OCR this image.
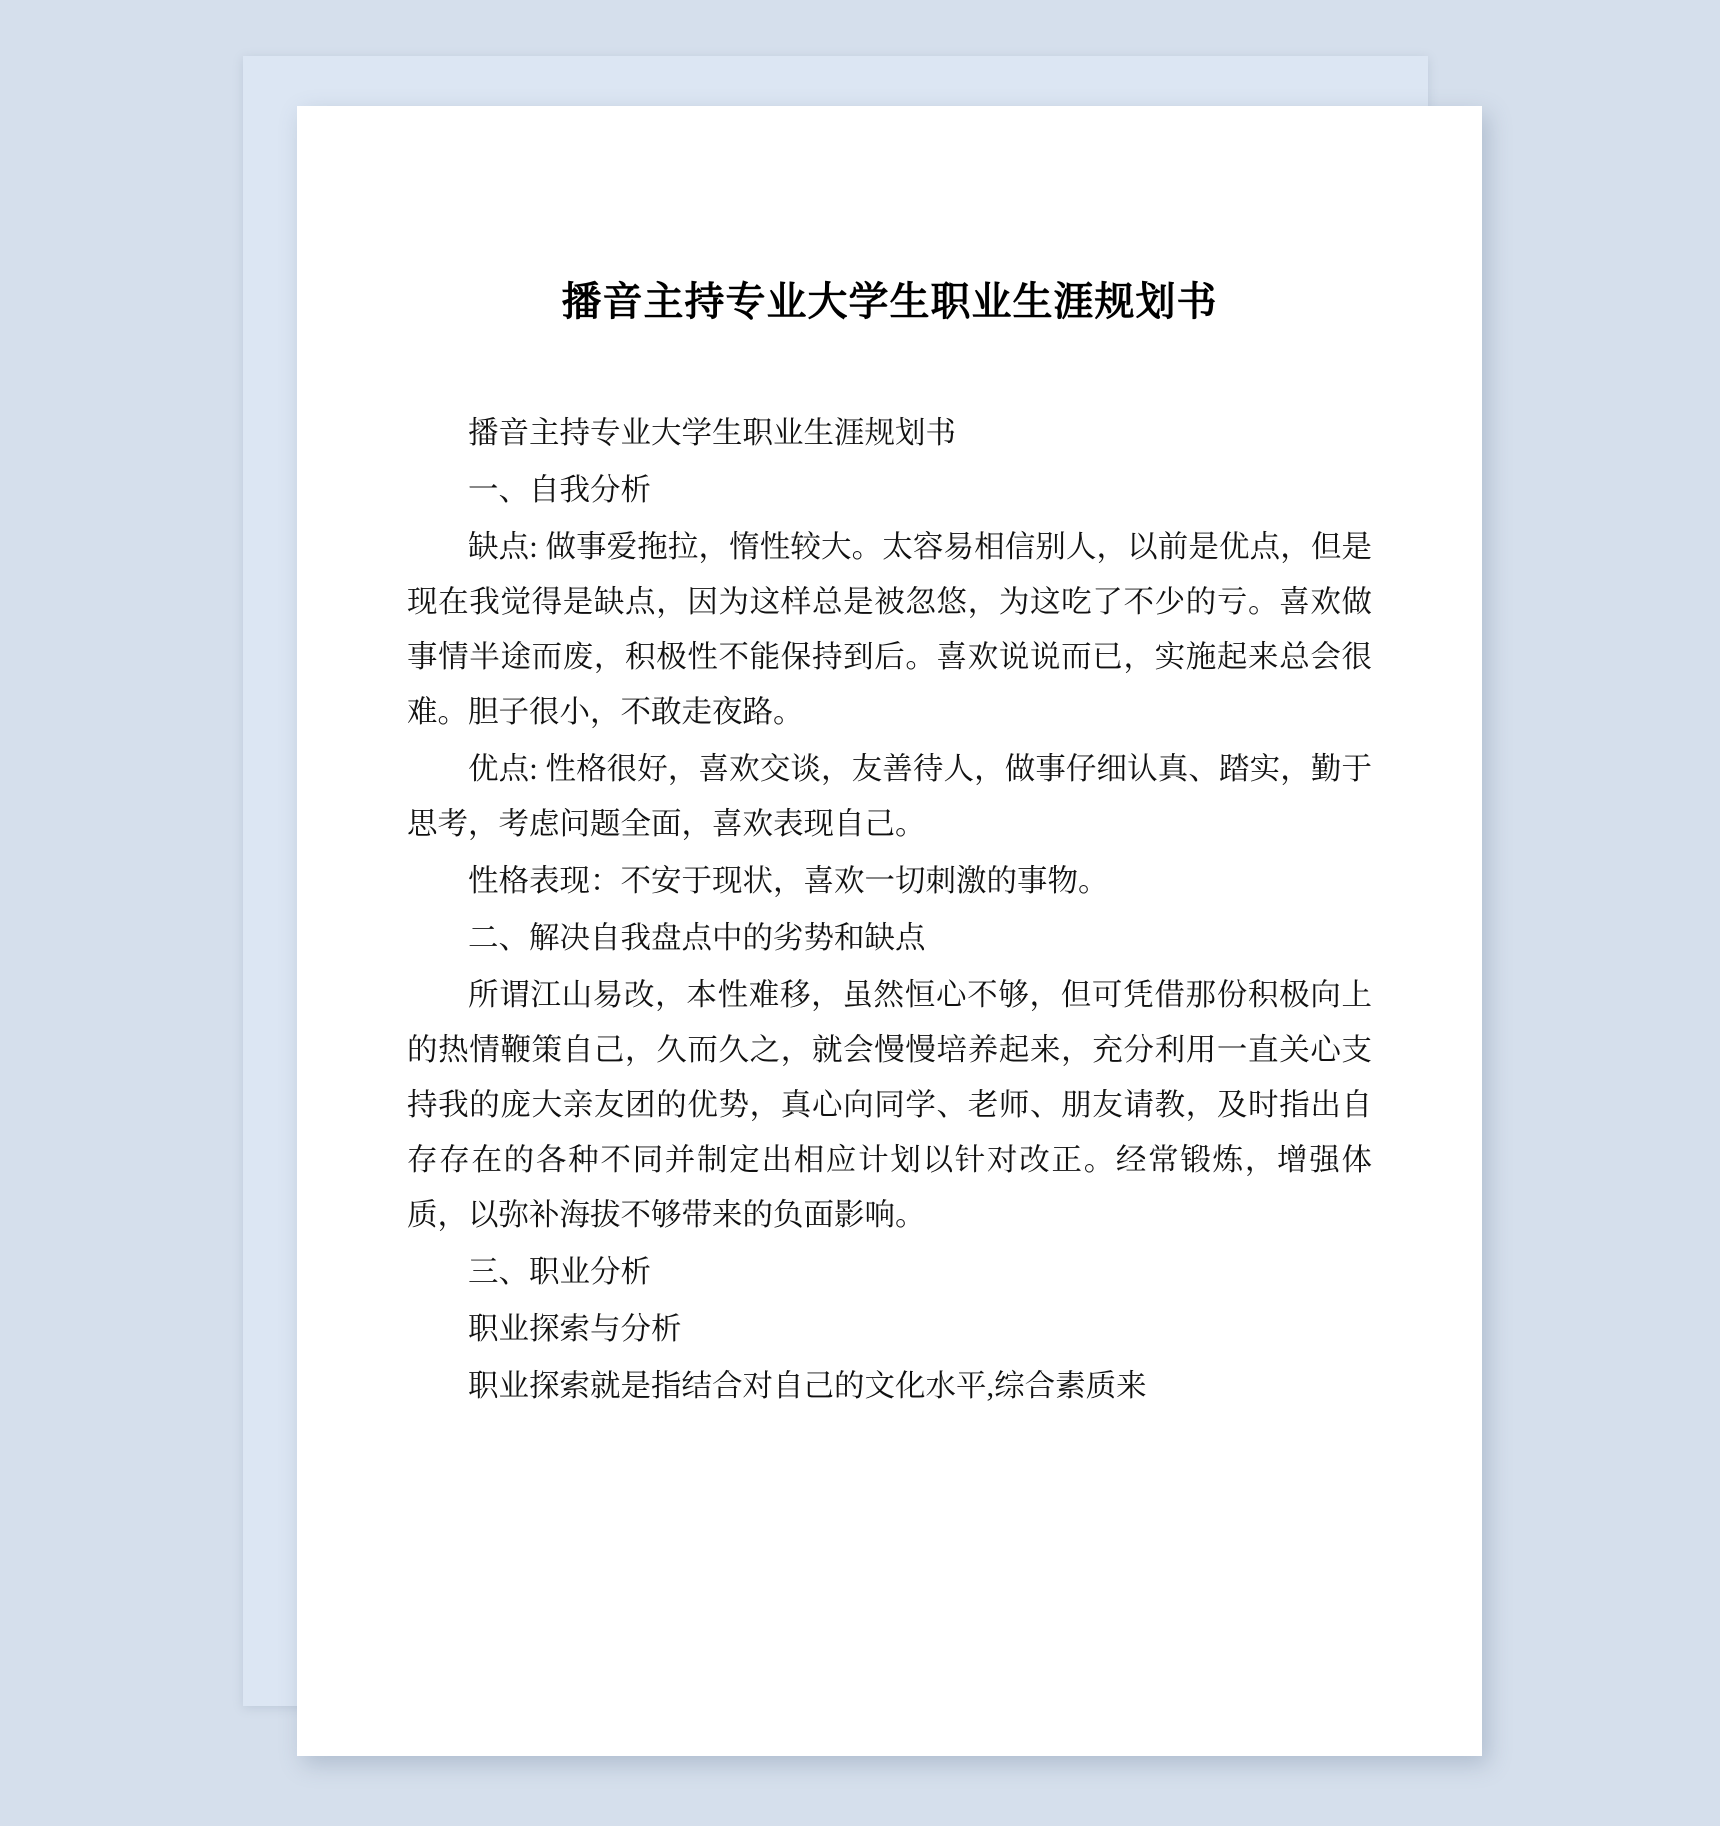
播音主持专业大学生职业生涯规划书

播音主持专业大学生职业生涯规划书

一、自我分析

缺点: 做事爱拖拉，惰性较大。太容易相信别人，以前是优点，但是现在我觉得是缺点，因为这样总是被忽悠，为这吃了不少的亏。喜欢做事情半途而废，积极性不能保持到后。喜欢说说而已，实施起来总会很难。胆子很小，不敢走夜路。

优点: 性格很好，喜欢交谈，友善待人，做事仔细认真、踏实，勤于思考，考虑问题全面，喜欢表现自己。

性格表现：不安于现状，喜欢一切刺激的事物。

二、解决自我盘点中的劣势和缺点

所谓江山易改，本性难移，虽然恒心不够，但可凭借那份积极向上的热情鞭策自己，久而久之，就会慢慢培养起来，充分利用一直关心支持我的庞大亲友团的优势，真心向同学、老师、朋友请教，及时指出自存存在的各种不同并制定出相应计划以针对改正。经常锻炼，增强体质，以弥补海拔不够带来的负面影响。

三、职业分析

职业探索与分析

职业探索就是指结合对自己的文化水平,综合素质来
